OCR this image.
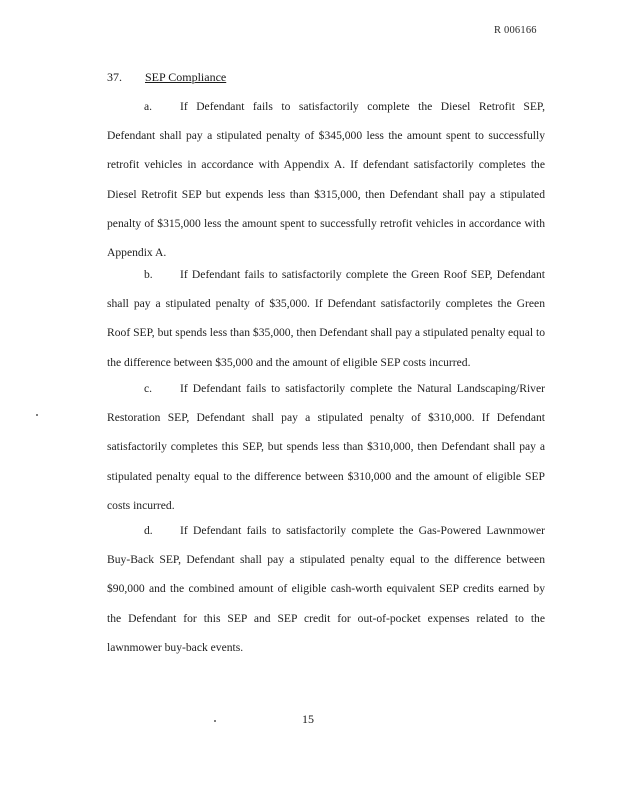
R 006166
37. SEP Compliance

a. If Defendant fails to satisfactorily complete the Diesel Retrofit SEP, Defendant shall pay a stipulated penalty of $345,000 less the amount spent to successfully retrofit vehicles in accordance with Appendix A. If defendant satisfactorily completes the Diesel Retrofit SEP but expends less than $315,000, then Defendant shall pay a stipulated penalty of $315,000 less the amount spent to successfully retrofit vehicles in accordance with Appendix A.

b. If Defendant fails to satisfactorily complete the Green Roof SEP, Defendant shall pay a stipulated penalty of $35,000. If Defendant satisfactorily completes the Green Roof SEP, but spends less than $35,000, then Defendant shall pay a stipulated penalty equal to the difference between $35,000 and the amount of eligible SEP costs incurred.

c. If Defendant fails to satisfactorily complete the Natural Landscaping/River Restoration SEP, Defendant shall pay a stipulated penalty of $310,000. If Defendant satisfactorily completes this SEP, but spends less than $310,000, then Defendant shall pay a stipulated penalty equal to the difference between $310,000 and the amount of eligible SEP costs incurred.

d. If Defendant fails to satisfactorily complete the Gas-Powered Lawnmower Buy-Back SEP, Defendant shall pay a stipulated penalty equal to the difference between $90,000 and the combined amount of eligible cash-worth equivalent SEP credits earned by the Defendant for this SEP and SEP credit for out-of-pocket expenses related to the lawnmower buy-back events.

15
